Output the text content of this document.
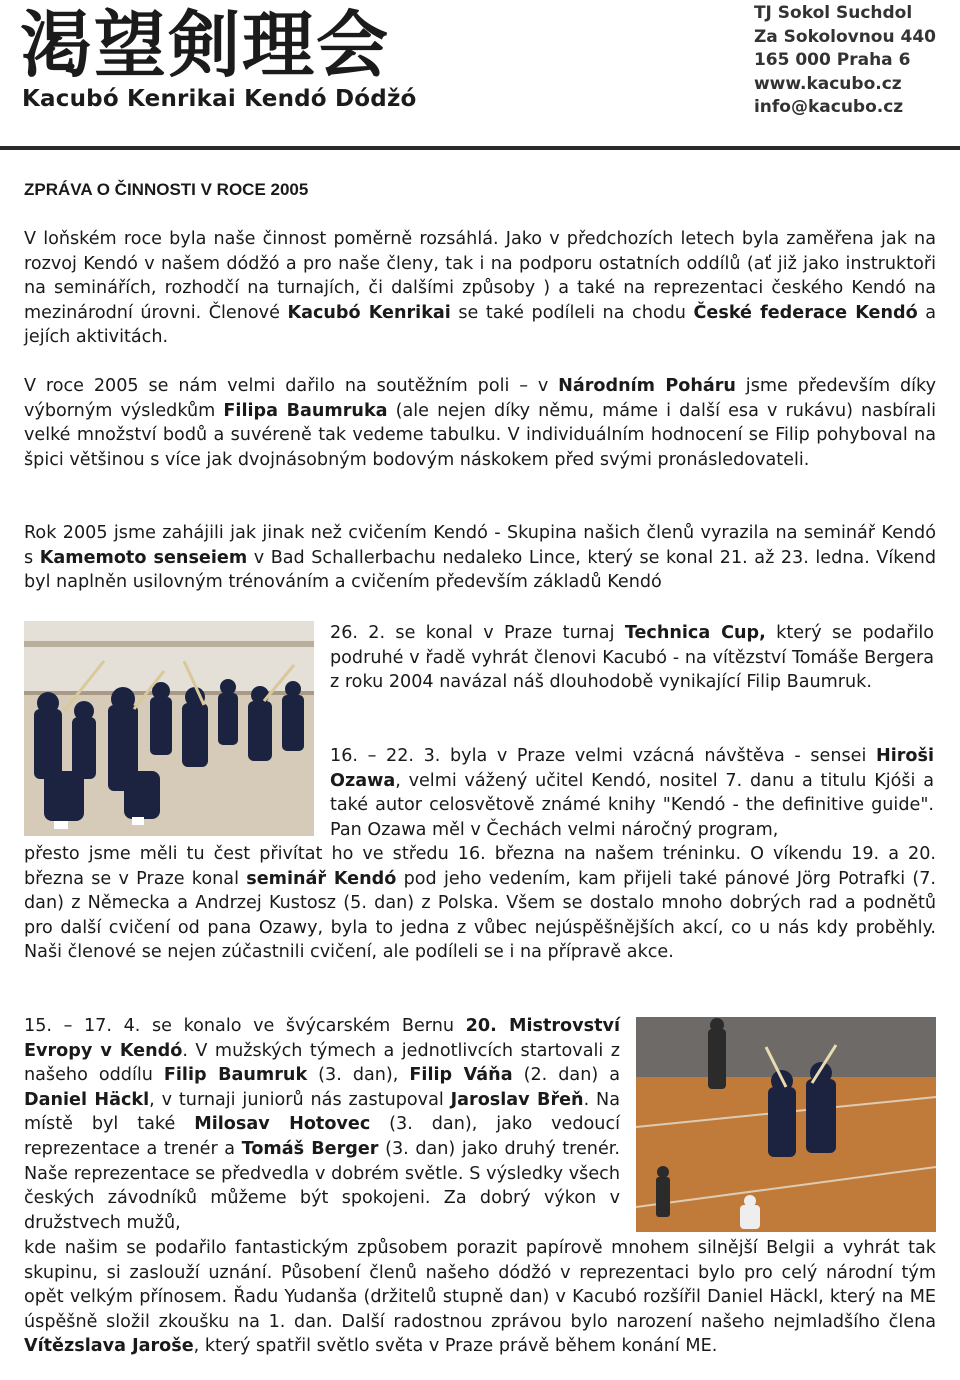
渇望剣理会
Kacubó Kenrikai Kendó Dódžó
TJ Sokol Suchdol
Za Sokolovnou 440
165 000 Praha 6
www.kacubo.cz
info@kacubo.cz
ZPRÁVA O ČINNOSTI V ROCE 2005
V loňském roce byla naše činnost poměrně rozsáhlá. Jako v předchozích letech byla zaměřena jak na rozvoj Kendó v našem dódžó a pro naše členy, tak i na podporu ostatních oddílů (ať již jako instruktoři na seminářích, rozhodčí na turnajích, či dalšími způsoby ) a také na reprezentaci českého Kendó na mezinárodní úrovni. Členové Kacubó Kenrikai se také podíleli na chodu České federace Kendó a jejích aktivitách.
V roce 2005 se nám velmi dařilo na soutěžním poli – v Národním Poháru jsme především díky výborným výsledkům Filipa Baumruka (ale nejen díky němu, máme i další esa v rukávu) nasbírali velké množství bodů a suvéreně tak vedeme tabulku. V individuálním hodnocení se Filip pohyboval na špici většinou s více jak dvojnásobným bodovým náskokem před svými pronásledovateli.
Rok 2005 jsme zahájili jak jinak než cvičením Kendó - Skupina našich členů vyrazila na seminář Kendó s Kamemoto senseiem v Bad Schallerbachu nedaleko Lince, který se konal 21. až 23. ledna. Víkend byl naplněn usilovným trénováním a cvičením především základů Kendó
26. 2. se konal v Praze turnaj Technica Cup, který se podařilo podruhé v řadě vyhrát členovi Kacubó - na vítězství Tomáše Bergera z roku 2004 navázal náš dlouhodobě vynikající Filip Baumruk.
16. – 22. 3. byla v Praze velmi vzácná návštěva - sensei Hiroši Ozawa, velmi vážený učitel Kendó, nositel 7. danu a titulu Kjóši a také autor celosvětově známé knihy "Kendó - the definitive guide". Pan Ozawa měl v Čechách velmi náročný program,
přesto jsme měli tu čest přivítat ho ve středu 16. března na našem tréninku. O víkendu 19. a 20. března se v Praze konal seminář Kendó pod jeho vedením, kam přijeli také pánové Jörg Potrafki (7. dan) z Německa a Andrzej Kustosz (5. dan) z Polska. Všem se dostalo mnoho dobrých rad a podnětů pro další cvičení od pana Ozawy, byla to jedna z vůbec nejúspěšnějších akcí, co u nás kdy proběhly. Naši členové se nejen zúčastnili cvičení, ale podíleli se i na přípravě akce.
15. – 17. 4. se konalo ve švýcarském Bernu 20. Mistrovství Evropy v Kendó. V mužských týmech a jednotlivcích startovali z našeho oddílu Filip Baumruk (3. dan), Filip Váňa (2. dan) a Daniel Häckl, v turnaji juniorů nás zastupoval Jaroslav Břeň. Na místě byl také Milosav Hotovec (3. dan), jako vedoucí reprezentace a trenér a Tomáš Berger (3. dan) jako druhý trenér. Naše reprezentace se předvedla v dobrém světle. S výsledky všech českých závodníků můžeme být spokojeni. Za dobrý výkon v družstvech mužů,
kde našim se podařilo fantastickým způsobem porazit papírově mnohem silnější Belgii a vyhrát tak skupinu, si zaslouží uznání. Působení členů našeho dódžó v reprezentaci bylo pro celý národní tým opět velkým přínosem. Řadu Yudanša (držitelů stupně dan) v Kacubó rozšířil Daniel Häckl, který na ME úspěšně složil zkoušku na 1. dan. Další radostnou zprávou bylo narození našeho nejmladšího člena Vítězslava Jaroše, který spatřil světlo světa v Praze právě během konání ME.
